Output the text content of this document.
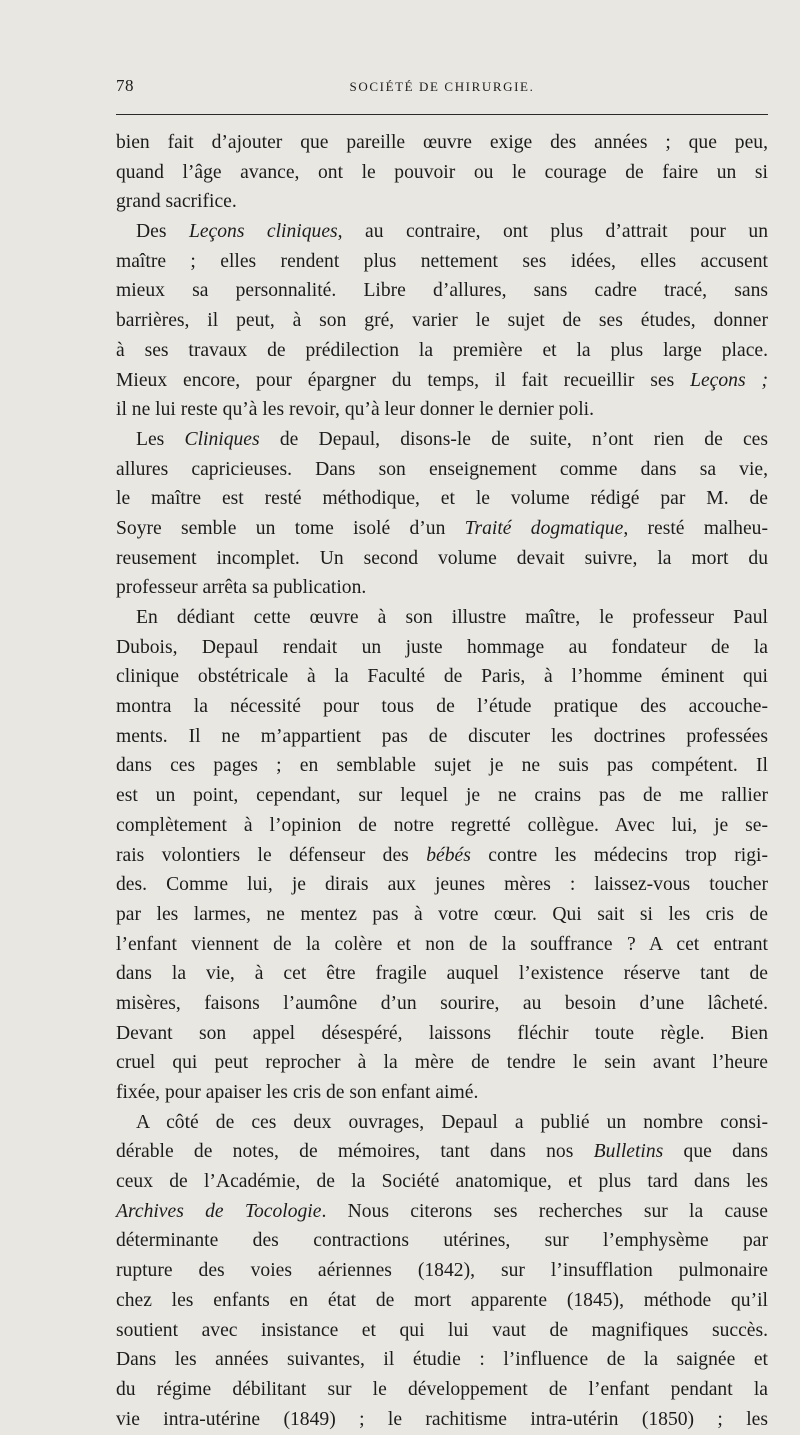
78	SOCIÉTÉ DE CHIRURGIE.
bien fait d’ajouter que pareille œuvre exige des années ; que peu,
quand l’âge avance, ont le pouvoir ou le courage de faire un si
grand sacrifice.
Des Leçons cliniques, au contraire, ont plus d’attrait pour un
maître ; elles rendent plus nettement ses idées, elles accusent
mieux sa personnalité. Libre d’allures, sans cadre tracé, sans
barrières, il peut, à son gré, varier le sujet de ses études, donner
à ses travaux de prédilection la première et la plus large place.
Mieux encore, pour épargner du temps, il fait recueillir ses Leçons ;
il ne lui reste qu’à les revoir, qu’à leur donner le dernier poli.
Les Cliniques de Depaul, disons-le de suite, n’ont rien de ces
allures capricieuses. Dans son enseignement comme dans sa vie,
le maître est resté méthodique, et le volume rédigé par M. de
Soyre semble un tome isolé d’un Traité dogmatique, resté malheu-
reusement incomplet. Un second volume devait suivre, la mort du
professeur arrêta sa publication.
En dédiant cette œuvre à son illustre maître, le professeur Paul
Dubois, Depaul rendait un juste hommage au fondateur de la
clinique obstétricale à la Faculté de Paris, à l’homme éminent qui
montra la nécessité pour tous de l’étude pratique des accouche-
ments. Il ne m’appartient pas de discuter les doctrines professées
dans ces pages ; en semblable sujet je ne suis pas compétent. Il
est un point, cependant, sur lequel je ne crains pas de me rallier
complètement à l’opinion de notre regretté collègue. Avec lui, je se-
rais volontiers le défenseur des bébés contre les médecins trop rigi-
des. Comme lui, je dirais aux jeunes mères : laissez-vous toucher
par les larmes, ne mentez pas à votre cœur. Qui sait si les cris de
l’enfant viennent de la colère et non de la souffrance ? A cet entrant
dans la vie, à cet être fragile auquel l’existence réserve tant de
misères, faisons l’aumône d’un sourire, au besoin d’une lâcheté.
Devant son appel désespéré, laissons fléchir toute règle. Bien
cruel qui peut reprocher à la mère de tendre le sein avant l’heure
fixée, pour apaiser les cris de son enfant aimé.
A côté de ces deux ouvrages, Depaul a publié un nombre consi-
dérable de notes, de mémoires, tant dans nos Bulletins que dans
ceux de l’Académie, de la Société anatomique, et plus tard dans les
Archives de Tocologie. Nous citerons ses recherches sur la cause
déterminante des contractions utérines, sur l’emphysème par
rupture des voies aériennes (1842), sur l’insufflation pulmonaire
chez les enfants en état de mort apparente (1845), méthode qu’il
soutient avec insistance et qui lui vaut de magnifiques succès.
Dans les années suivantes, il étudie : l’influence de la saignée et
du régime débilitant sur le développement de l’enfant pendant la
vie intra-utérine (1849) ; le rachitisme intra-utérin (1850) ; les
